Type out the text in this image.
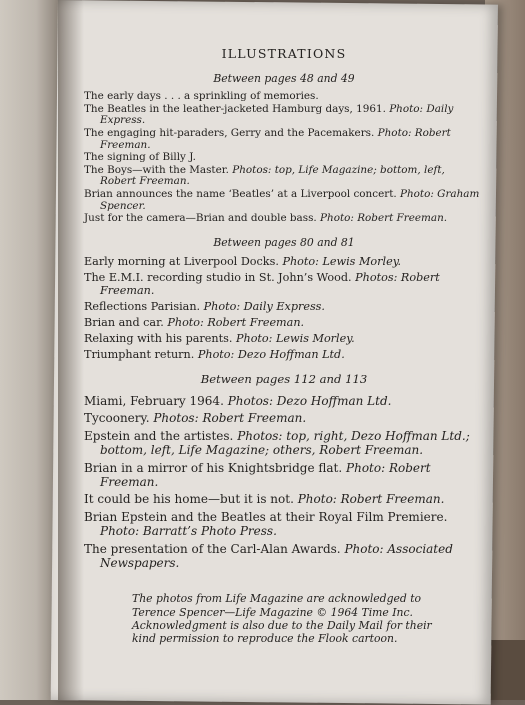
ILLUSTRATIONS
Between pages 48 and 49
The early days . . . a sprinkling of memories.
The Beatles in the leather-jacketed Hamburg days, 1961. Photo: Daily Express.
The engaging hit-paraders, Gerry and the Pacemakers. Photo: Robert Freeman.
The signing of Billy J.
The Boys—with the Master. Photos: top, Life Magazine; bottom, left, Robert Freeman.
Brian announces the name ‘Beatles’ at a Liverpool concert. Photo: Graham Spencer.
Just for the camera—Brian and double bass. Photo: Robert Freeman.
Between pages 80 and 81
Early morning at Liverpool Docks. Photo: Lewis Morley.
The E.M.I. recording studio in St. John’s Wood. Photos: Robert Freeman.
Reflections Parisian. Photo: Daily Express.
Brian and car. Photo: Robert Freeman.
Relaxing with his parents. Photo: Lewis Morley.
Triumphant return. Photo: Dezo Hoffman Ltd.
Between pages 112 and 113
Miami, February 1964. Photos: Dezo Hoffman Ltd.
Tycoonery. Photos: Robert Freeman.
Epstein and the artistes. Photos: top, right, Dezo Hoffman Ltd.; bottom, left, Life Magazine; others, Robert Freeman.
Brian in a mirror of his Knightsbridge flat. Photo: Robert Freeman.
It could be his home—but it is not. Photo: Robert Freeman.
Brian Epstein and the Beatles at their Royal Film Premiere. Photo: Barratt’s Photo Press.
The presentation of the Carl-Alan Awards. Photo: Associated Newspapers.

The photos from Life Magazine are acknowledged to Terence Spencer—Life Magazine © 1964 Time Inc. Acknowledgment is also due to the Daily Mail for their kind permission to reproduce the Flook cartoon.
